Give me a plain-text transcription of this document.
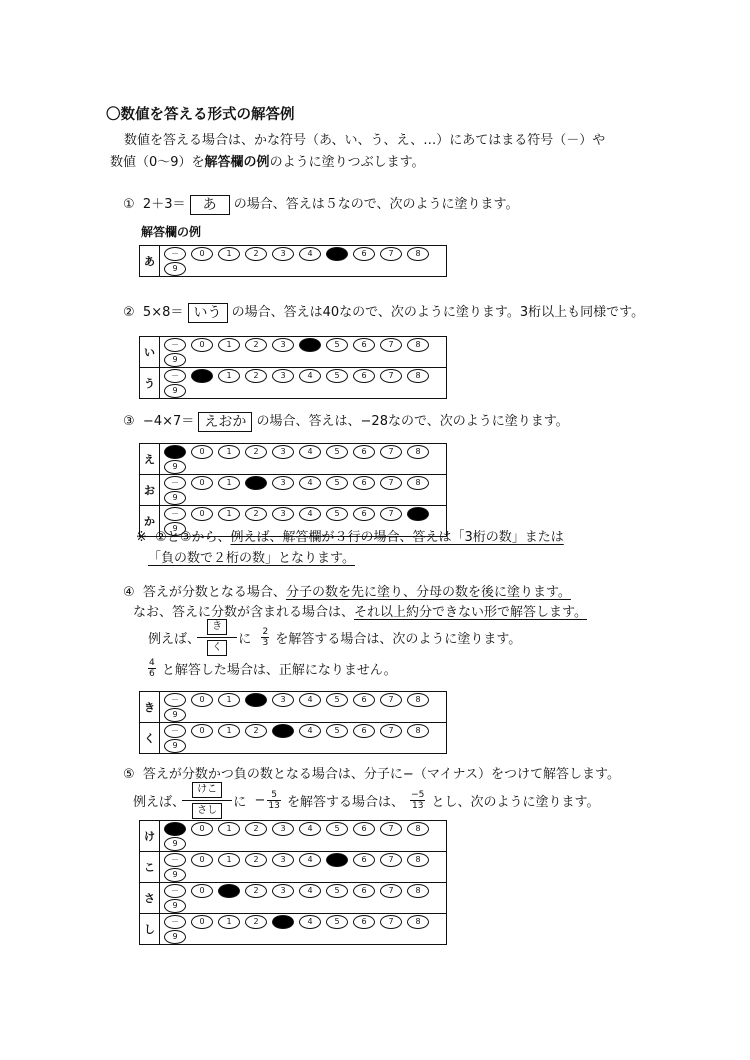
〇数値を答える形式の解答例
数値を答える場合は、かな符号（あ、い、う、え、…）にあてはまる符号（－）や
数値（0～9）を解答欄の例のように塗りつぶします。
① 2＋3＝ あ の場合、答えは５なので、次のように塗ります。
解答欄の例
あ	－	0	1	2	3	4	5	6	7	89
② 5×8＝ いう の場合、答えは40なので、次のように塗ります。3桁以上も同様です。
い	－ 0 1 2 3 4 5 6 7 89
う	－ 0 1 2 3 4 5 6 7 89
③ −4×7＝ えおか の場合、答えは、−28なので、次のように塗ります。
え	－ 0 1 2 3 4 5 6 7 89
お	－ 0 1 2 3 4 5 6 7 89
か	－ 0 1 2 3 4 5 6 7 89
※ ②と③から、例えば、解答欄が３行の場合、答えは「3桁の数」または
「負の数で２桁の数」となります。
④ 答えが分数となる場合、分子の数を先に塗り、分母の数を後に塗ります。
なお、答えに分数が含まれる場合は、それ以上約分できない形で解答します。
例えば、
き
く
に $\frac{2}{3}$ を解答する場合は、次のように塗ります。
$\frac{4}{6}$ と解答した場合は、正解になりません。
き	－ 0 1 2 3 4 5 6 7 89
く	－ 0 1 2 3 4 5 6 7 89
⑤ 答えが分数かつ負の数となる場合は、分子に−（マイナス）をつけて解答します。
例えば、
けこ
さし
に − $\frac{5}{13}$ を解答する場合は、 $\frac{-5}{13}$ とし、次のように塗ります。
け	－ 0 1 2 3 4 5 6 7 89
こ	－ 0 1 2 3 4 5 6 7 89
さ	－ 0 1 2 3 4 5 6 7 89
し	－ 0 1 2 3 4 5 6 7 89
